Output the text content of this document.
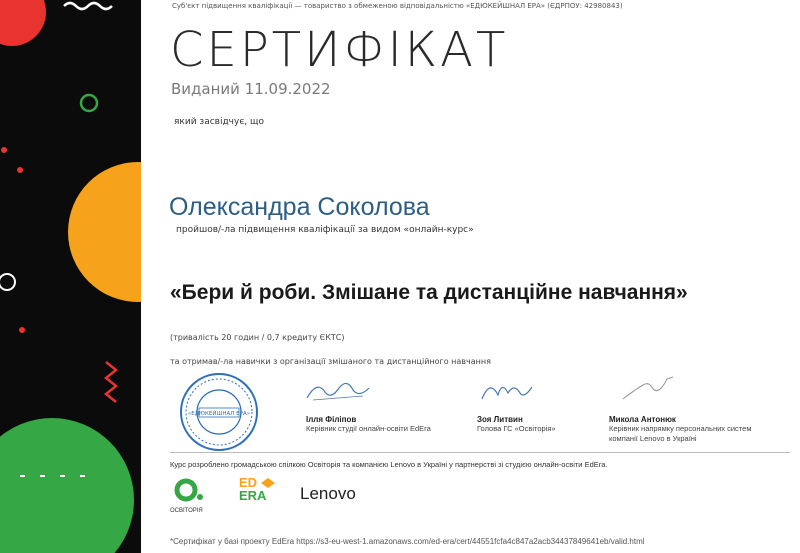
Суб'єкт підвищення кваліфікації — товариство з обмеженою відповідальністю «ЕДЮКЕЙШНАЛ ЕРА» (ЄДРПОУ: 42980843)
СЕРТИФІКАТ
Виданий 11.09.2022
який засвідчує, що
Олександра Соколова
пройшов/-ла підвищення кваліфікації за видом «онлайн-курс»
«Бери й роби. Змішане та дистанційне навчання»
(тривалість 20 годин / 0,7 кредиту ЄКТС)
та отримав/-ла навички з організації змішаного та дистанційного навчання
«ЕДЮКЕЙШНАЛ ЕРА»
Ілля Філіпов
Керівник студії онлайн-освіти EdEra
Зоя Литвин
Голова ГС «Освіторія»
Микола Антонюк
Керівник напрямку персональних систем компанії Lenovo в Україні
Курс розроблено громадською спілкою Освіторія та компанією Lenovo в Україні у партнерстві зі студією онлайн-освіти EdEra.
ОСВІТОРІЯ
ED
ERA	Lenovo
*Сертифікат у базі проекту EdEra https://s3-eu-west-1.amazonaws.com/ed-era/cert/44551fcfa4c847a2acb34437849641eb/valid.html
